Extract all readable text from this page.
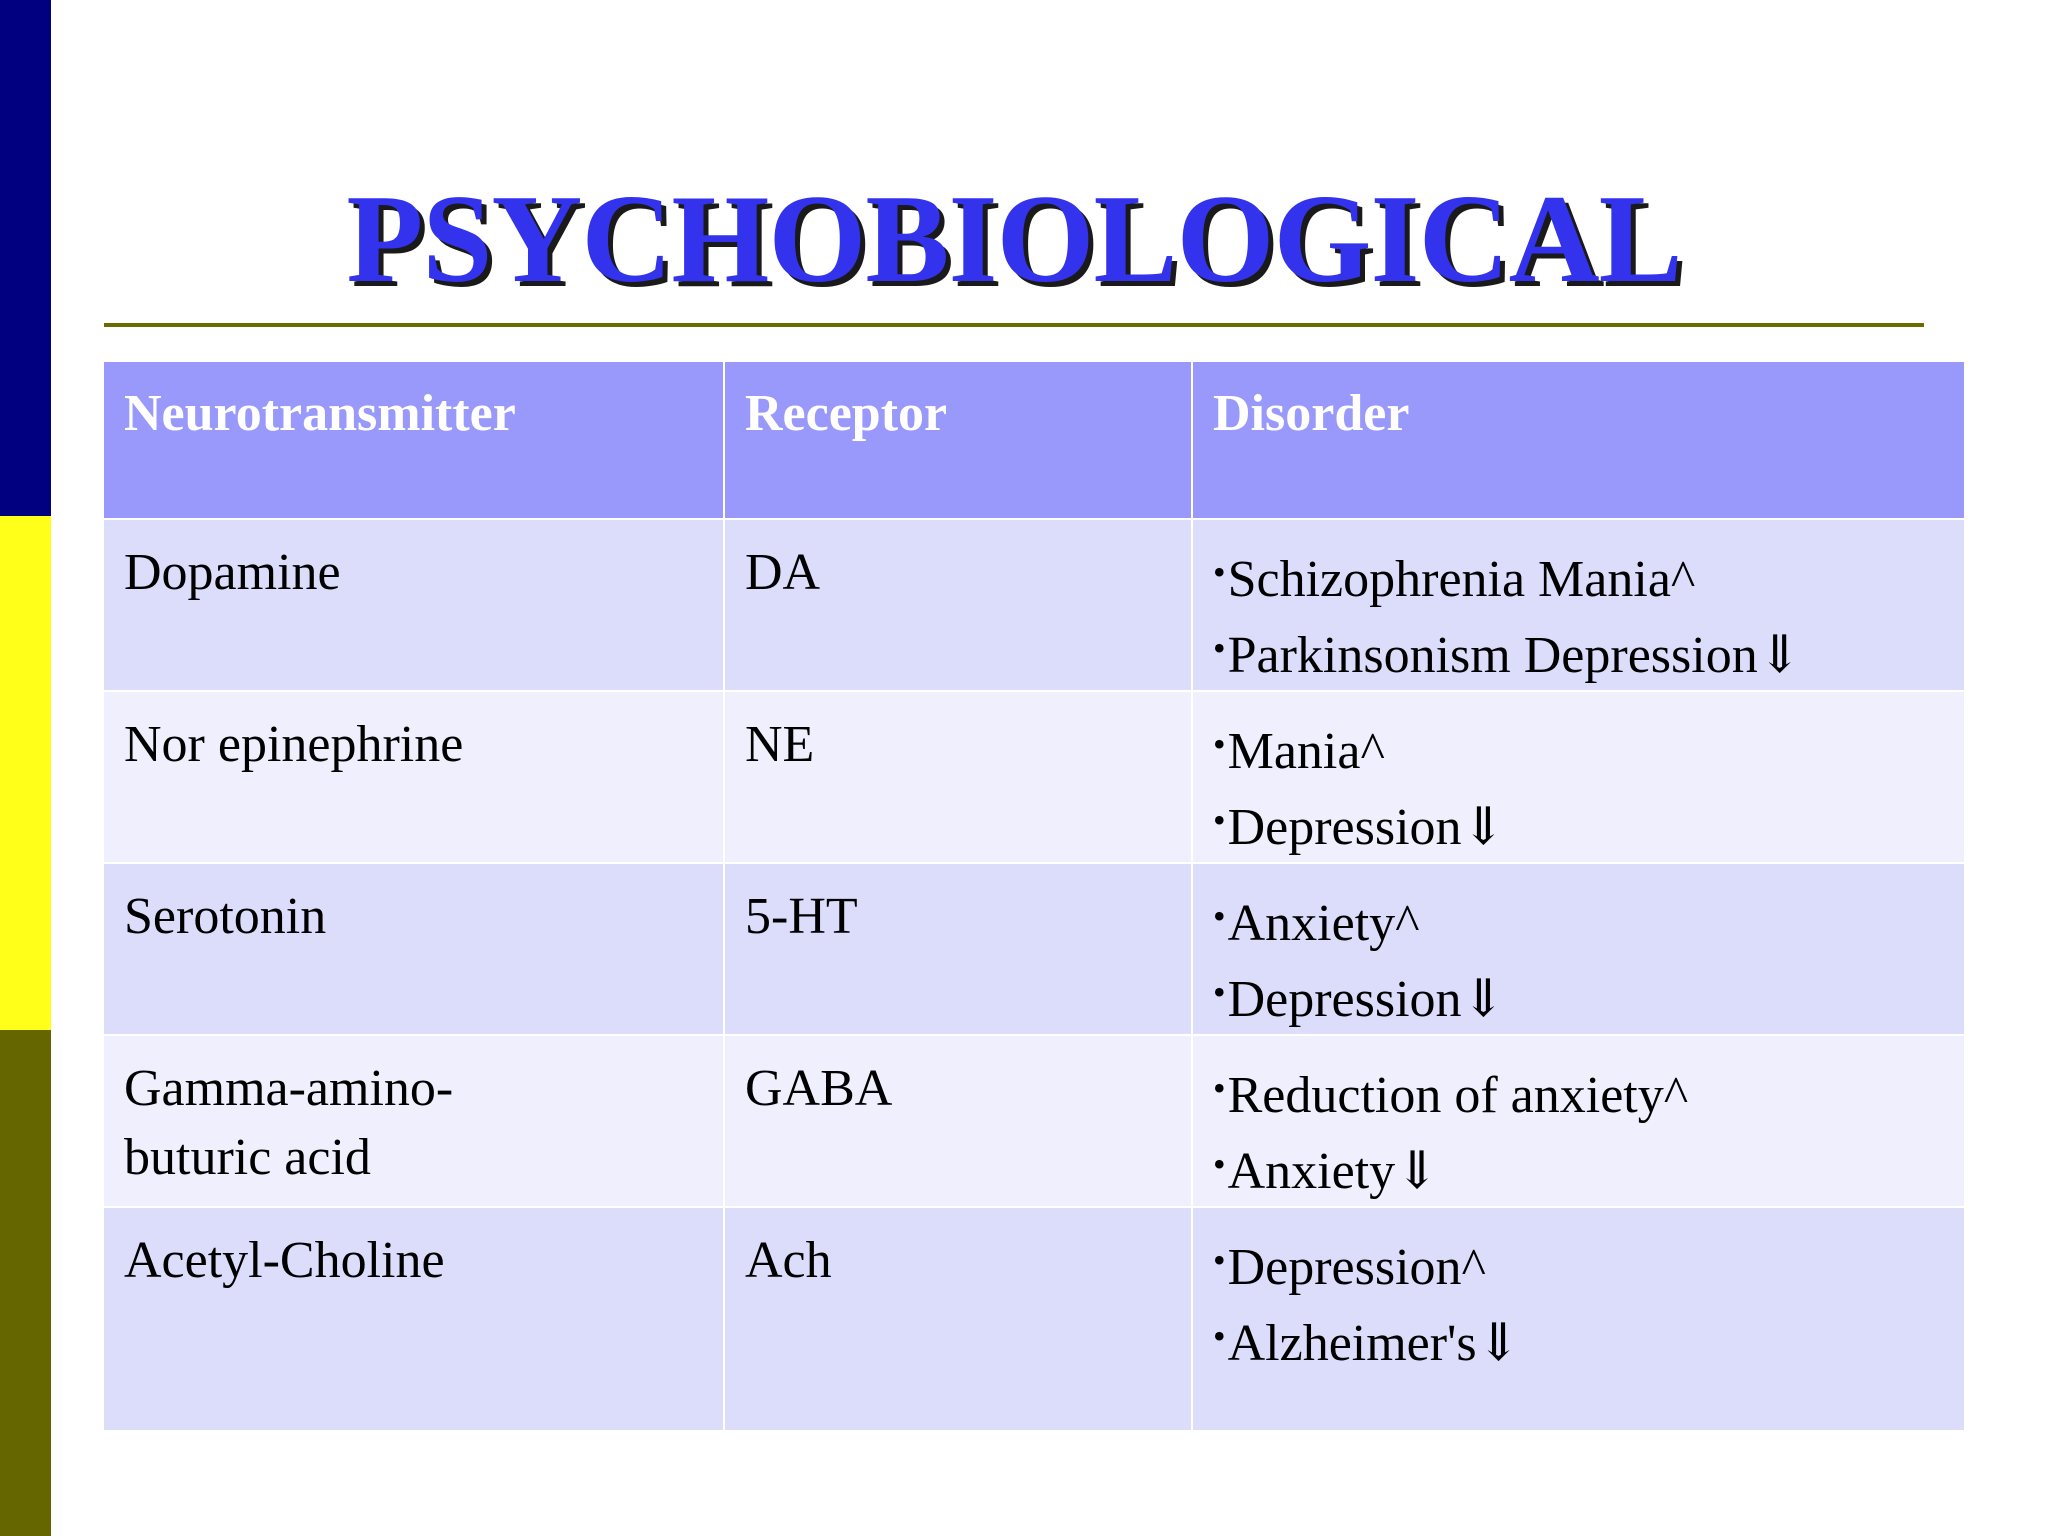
PSYCHOBIOLOGICAL
Neurotransmitter	Receptor	Disorder
Dopamine	DA	•Schizophrenia Mania^
•Parkinsonism Depression⇓

Nor epinephrine	NE	•Mania^
•Depression⇓

Serotonin	5-HT	•Anxiety^
•Depression⇓

Gamma-amino-
buturic acid	GABA	•Reduction of anxiety^
•Anxiety⇓

Acetyl-Choline	Ach	•Depression^
•Alzheimer's⇓
